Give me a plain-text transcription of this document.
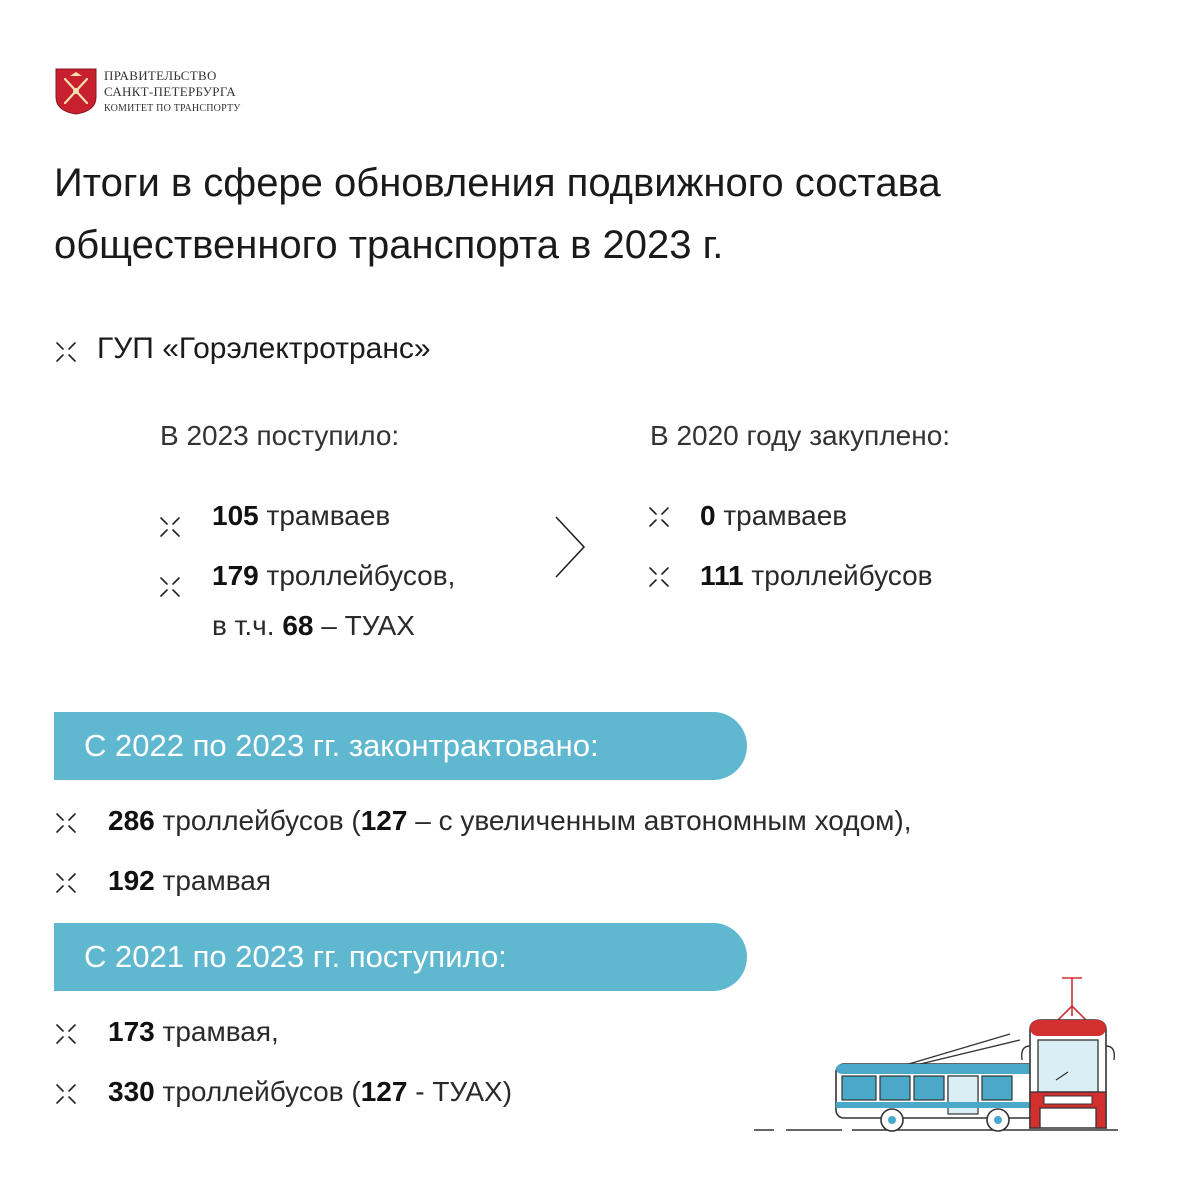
ПРАВИТЕЛЬСТВО
САНКТ-ПЕТЕРБУРГА
КОМИТЕТ ПО ТРАНСПОРТУ
Итоги в сфере обновления подвижного состава
общественного транспорта в 2023 г.
ГУП «Горэлектротранс»
В 2023 поступило:
105 трамваев
179 троллейбусов,
в т.ч. 68 – ТУАХ
В 2020 году закуплено:
0 трамваев
111 троллейбусов
С 2022 по 2023 гг. законтрактовано:
286 троллейбусов (127 – с увеличенным автономным ходом),
192 трамвая
С 2021 по 2023 гг. поступило:
173 трамвая,
330 троллейбусов (127 - ТУАХ)
